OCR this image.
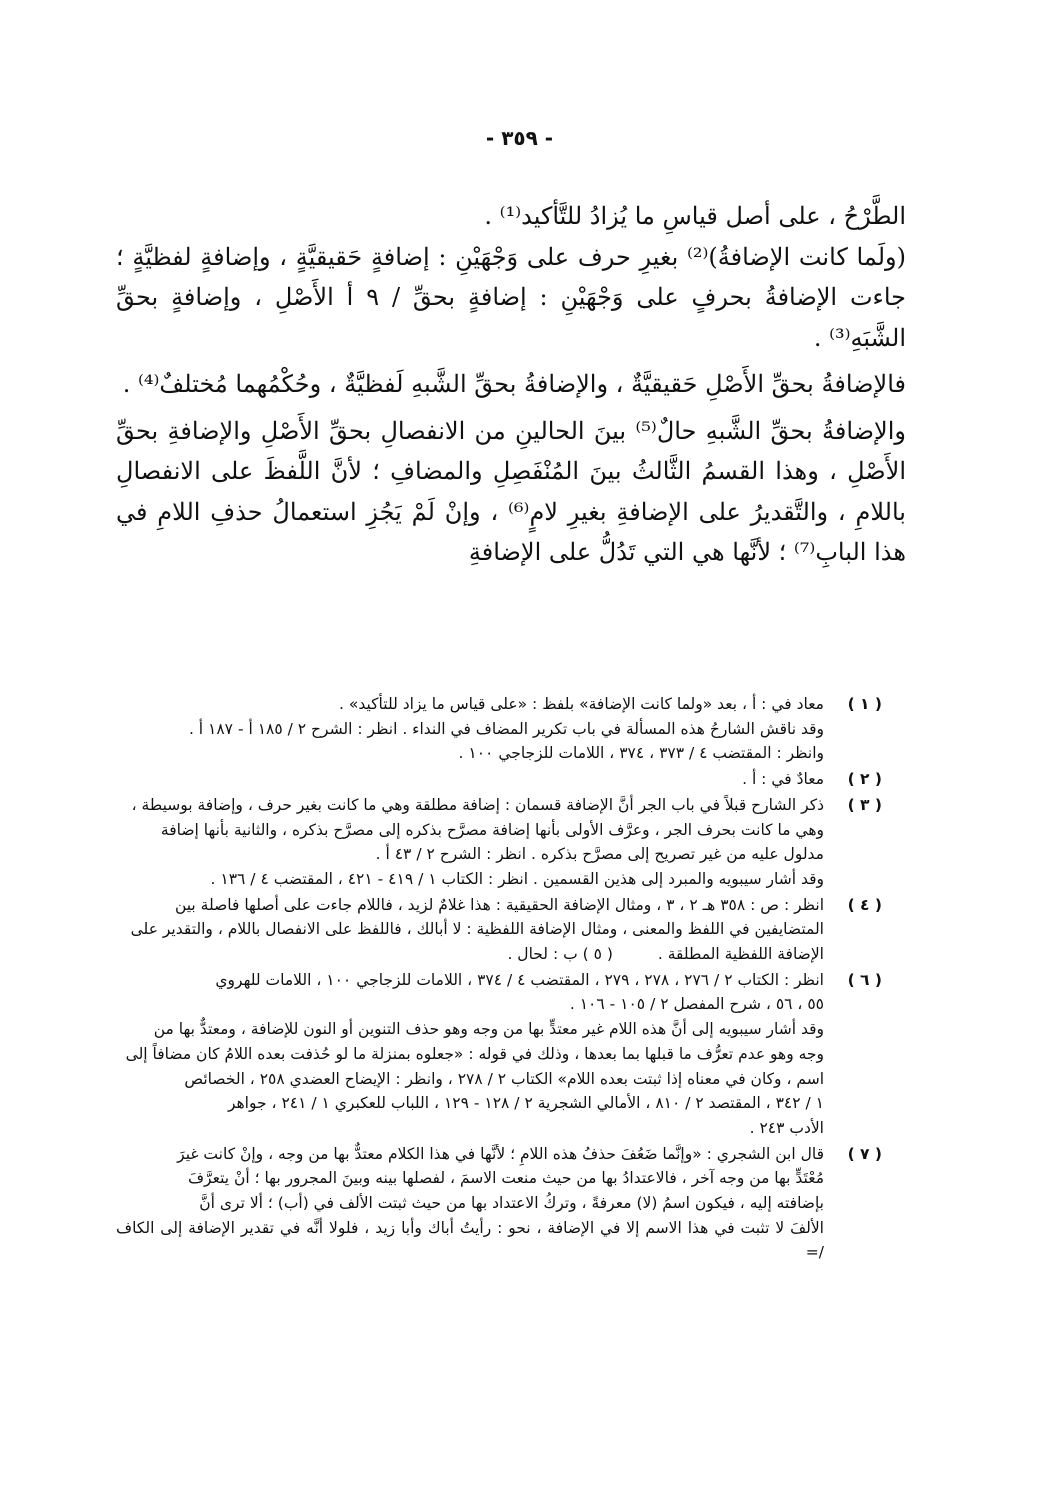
- ٣٥٩ -

الطَّرْحُ ، على أصل قياسِ ما يُزادُ للتَّأكيد⁽¹⁾ .

(ولَما كانت الإضافةُ)⁽²⁾ بغيرِ حرف على وَجْهَيْنِ : إضافةٍ حَقيقيَّةٍ ، وإضافةٍ لفظيَّةٍ ؛ جاءت الإضافةُ بحرفٍ على وَجْهَيْنِ : إضافةٍ بحقِّ / ٩ أ الأَصْلِ ، وإضافةٍ بحقِّ الشَّبَهِ⁽³⁾ .

فالإضافةُ بحقِّ الأَصْلِ حَقيقيَّةٌ ، والإضافةُ بحقِّ الشَّبهِ لَفظيَّةٌ ، وحُكْمُهما مُختلفٌ⁽⁴⁾ .

والإضافةُ بحقِّ الشَّبهِ حالٌ⁽⁵⁾ بينَ الحالينِ من الانفصالِ بحقِّ الأَصْلِ والإضافةِ بحقِّ الأَصْلِ ، وهذا القسمُ الثَّالثُ بينَ المُنْفَصِلِ والمضافِ ؛ لأنَّ اللَّفظَ على الانفصالِ باللامِ ، والتَّقديرُ على الإضافةِ بغيرِ لامٍ⁽⁶⁾ ، وإنْ لَمْ يَجُزِ استعمالُ حذفِ اللامِ في هذا البابِ⁽⁷⁾ ؛ لأنَّها هي التي تَدُلُّ على الإضافةِ

( ١ )
معاد في : أ ، بعد «ولما كانت الإضافة» بلفظ : «على قياس ما يزاد للتأكيد» .
وقد ناقش الشارحُ هذه المسألة في باب تكرير المضاف في النداء . انظر : الشرح ٢ / ١٨٥ أ - ١٨٧ أ .
وانظر : المقتضب ٤ / ٣٧٣ ، ٣٧٤ ، اللامات للزجاجي ١٠٠ .
( ٢ )
معادٌ في : أ .
( ٣ )
ذكر الشارح قبلاً في باب الجر أنَّ الإضافة قسمان : إضافة مطلقة وهي ما كانت بغير حرف ، وإضافة بوسيطة ،
وهي ما كانت بحرف الجر ، وعرَّف الأولى بأنها إضافة مصرَّح بذكره إلى مصرَّح بذكره ، والثانية بأنها إضافة
مدلول عليه من غير تصريح إلى مصرَّح بذكره . انظر : الشرح ٢ / ٤٣ أ .
وقد أشار سيبويه والمبرد إلى هذين القسمين . انظر : الكتاب ١ / ٤١٩ - ٤٢١ ، المقتضب ٤ / ١٣٦ .
( ٤ )
انظر : ص : ٣٥٨ هـ ٢ ، ٣ ، ومثال الإضافة الحقيقية : هذا غلامٌ لزيد ، فاللام جاءت على أصلها فاصلة بين
المتضايفين في اللفظ والمعنى ، ومثال الإضافة اللفظية : لا أبالك ، فاللفظ على الانفصال باللام ، والتقدير على
الإضافة اللفظية المطلقة . ( ٥ ) ب : لحال .
( ٦ )
انظر : الكتاب ٢ / ٢٧٦ ، ٢٧٨ ، ٢٧٩ ، المقتضب ٤ / ٣٧٤ ، اللامات للزجاجي ١٠٠ ، اللامات للهروي
٥٥ ، ٥٦ ، شرح المفصل ٢ / ١٠٥ - ١٠٦ .
وقد أشار سيبويه إلى أنَّ هذه اللام غير معتدٍّ بها من وجه وهو حذف التنوين أو النون للإضافة ، ومعتدٌّ بها من
وجه وهو عدم تعرُّف ما قبلها بما بعدها ، وذلك في قوله : «جعلوه بمنزلة ما لو حُذفت بعده اللامُ كان مضافاً إلى
اسم ، وكان في معناه إذا ثبتت بعده اللام» الكتاب ٢ / ٢٧٨ ، وانظر : الإيضاح العضدي ٢٥٨ ، الخصائص
١ / ٣٤٢ ، المقتصد ٢ / ٨١٠ ، الأمالي الشجرية ٢ / ١٢٨ - ١٢٩ ، اللباب للعكبري ١ / ٢٤١ ، جواهر
الأدب ٢٤٣ .
( ٧ )
قال ابن الشجري : «وإنَّما ضَعُفَ حذفُ هذه اللامِ ؛ لأنَّها في هذا الكلام معتدٌّ بها من وجه ، وإنْ كانت غيرَ
مُعْتَدٍّ بها من وجه آخر ، فالاعتدادُ بها من حيث منعت الاسمَ ، لفصلها بينه وبينَ المجرور بها ؛ أنْ يتعرَّفَ
بإضافته إليه ، فيكون اسمُ (لا) معرفةً ، وتركُ الاعتداد بها من حيث ثبتت الألف في (أب) ؛ ألا ترى أنَّ
الألفَ لا تثبت في هذا الاسم إلا في الإضافة ، نحو : رأيتُ أباك وأبا زيد ، فلولا أنَّه في تقدير الإضافة إلى الكاف /=
